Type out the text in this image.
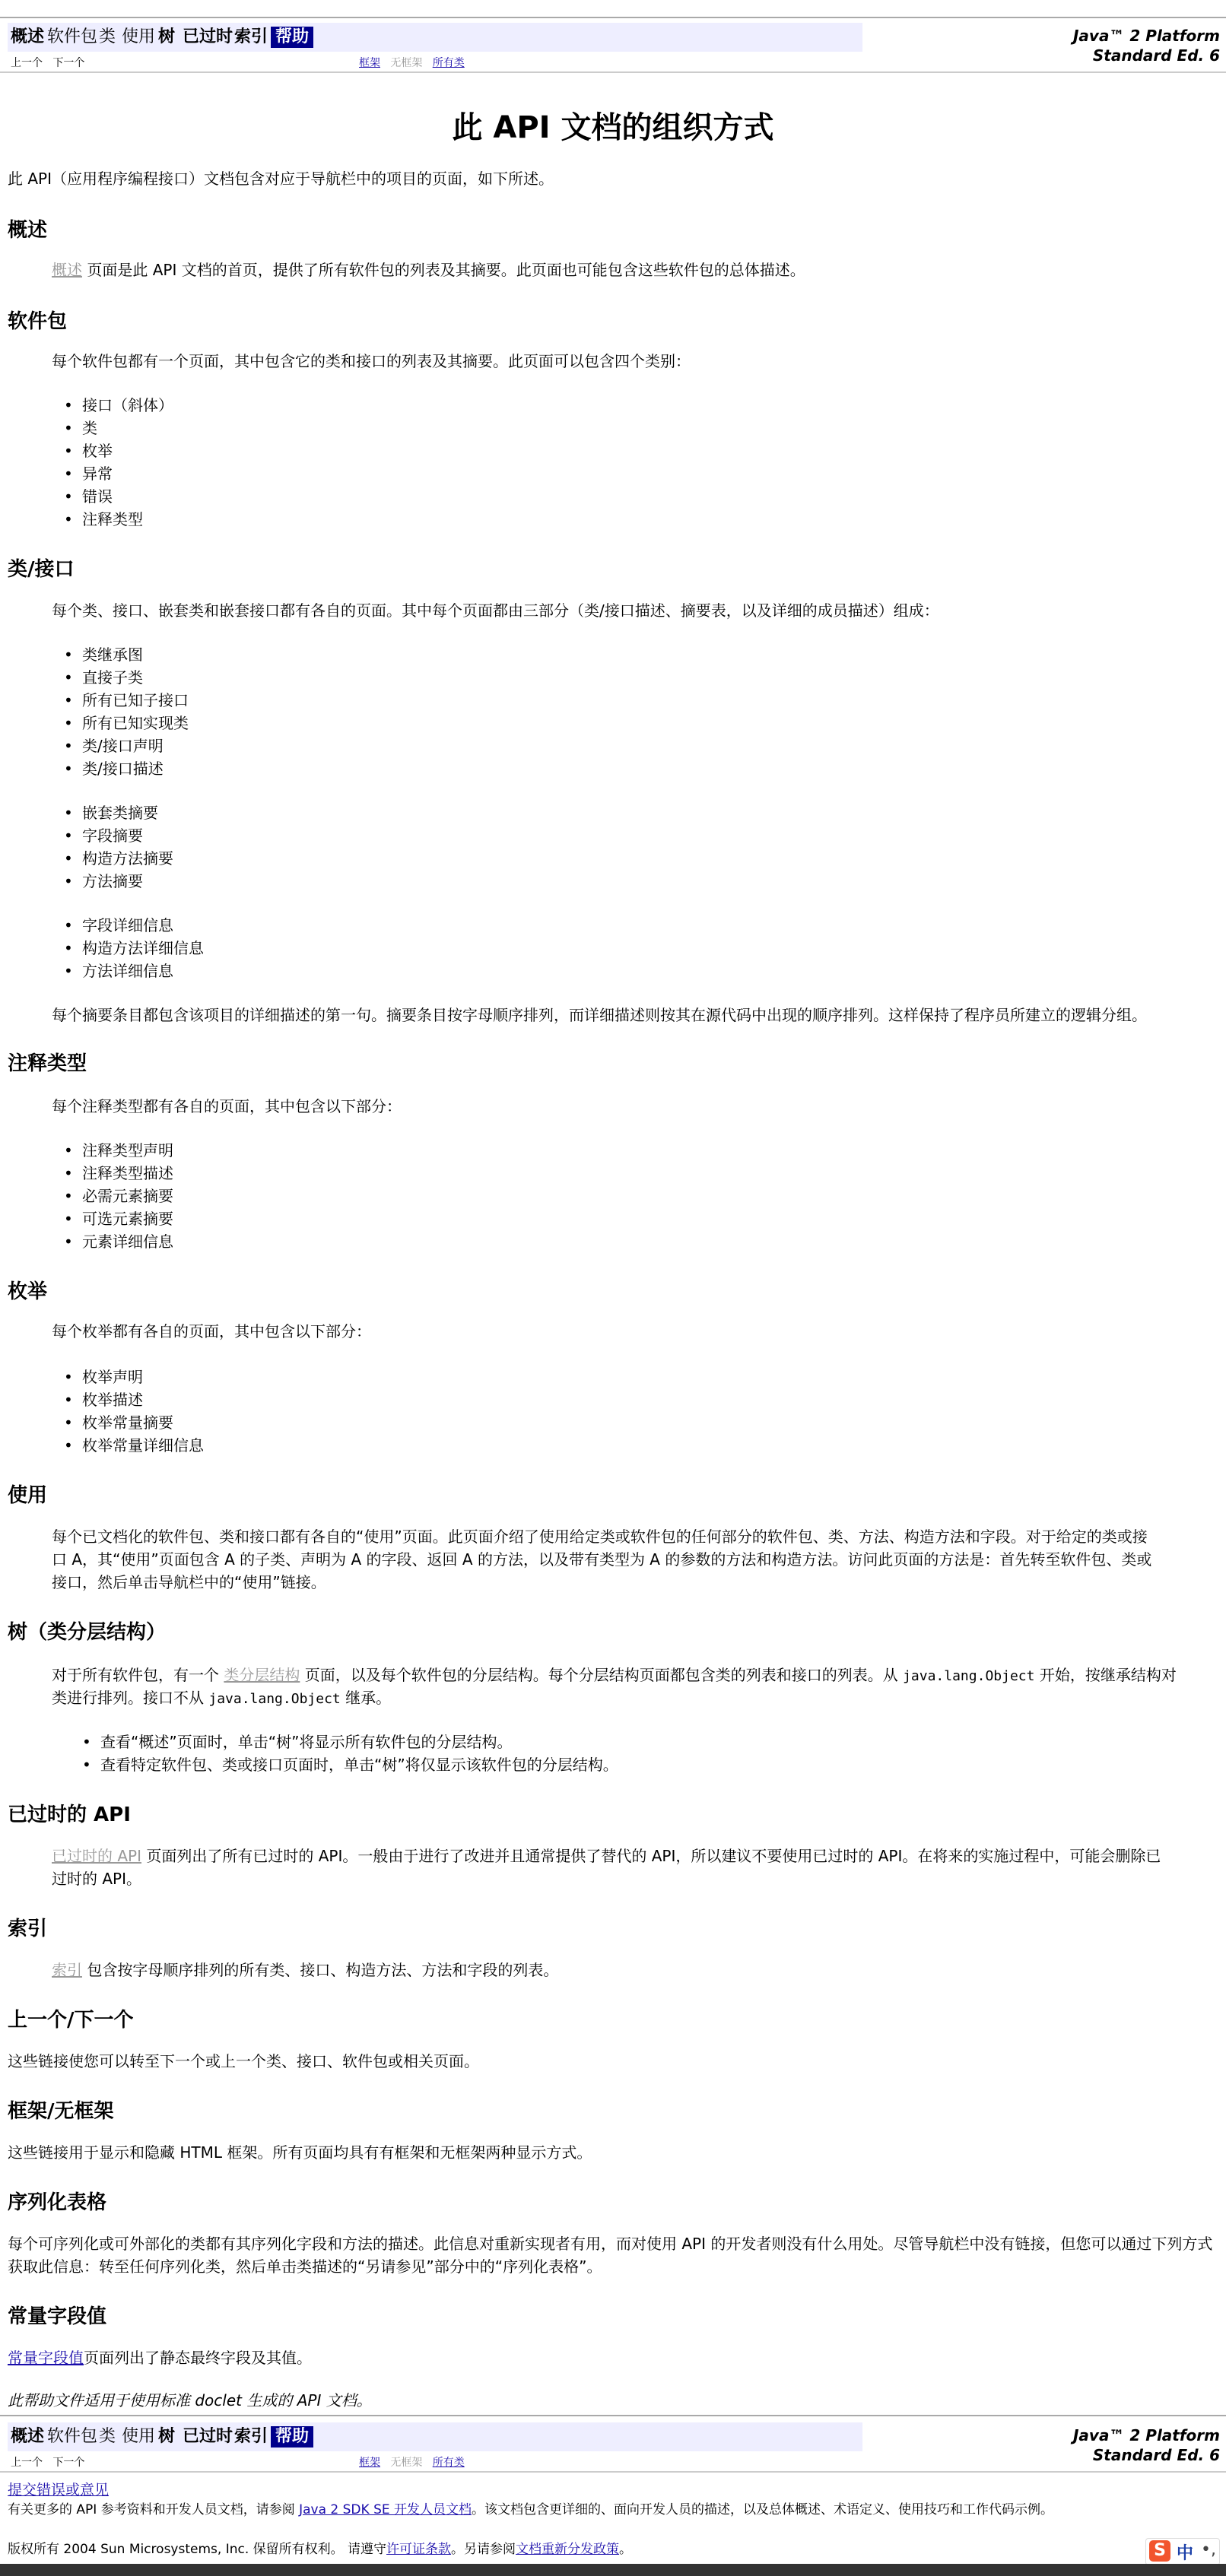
概述 软件包 类 使用 树 已过时 索引 帮助	Java™ 2 Platform
Standard Ed. 6
上一个 下一个	框架 无框架 所有类
此 API 文档的组织方式
此 API（应用程序编程接口）文档包含对应于导航栏中的项目的页面，如下所述。
概述
概述 页面是此 API 文档的首页，提供了所有软件包的列表及其摘要。此页面也可能包含这些软件包的总体描述。
软件包
每个软件包都有一个页面，其中包含它的类和接口的列表及其摘要。此页面可以包含四个类别：
• 接口（斜体）
• 类
• 枚举
• 异常
• 错误
• 注释类型
类/接口
每个类、接口、嵌套类和嵌套接口都有各自的页面。其中每个页面都由三部分（类/接口描述、摘要表，以及详细的成员描述）组成：
• 类继承图
• 直接子类
• 所有已知子接口
• 所有已知实现类
• 类/接口声明
• 类/接口描述
• 嵌套类摘要
• 字段摘要
• 构造方法摘要
• 方法摘要
• 字段详细信息
• 构造方法详细信息
• 方法详细信息
每个摘要条目都包含该项目的详细描述的第一句。摘要条目按字母顺序排列，而详细描述则按其在源代码中出现的顺序排列。这样保持了程序员所建立的逻辑分组。
注释类型
每个注释类型都有各自的页面，其中包含以下部分：
• 注释类型声明
• 注释类型描述
• 必需元素摘要
• 可选元素摘要
• 元素详细信息
枚举
每个枚举都有各自的页面，其中包含以下部分：
• 枚举声明
• 枚举描述
• 枚举常量摘要
• 枚举常量详细信息
使用
每个已文档化的软件包、类和接口都有各自的“使用”页面。此页面介绍了使用给定类或软件包的任何部分的软件包、类、方法、构造方法和字段。对于给定的类或接
口 A，其“使用”页面包含 A 的子类、声明为 A 的字段、返回 A 的方法，以及带有类型为 A 的参数的方法和构造方法。访问此页面的方法是：首先转至软件包、类或
接口，然后单击导航栏中的“使用”链接。
树（类分层结构）
对于所有软件包，有一个 类分层结构 页面，以及每个软件包的分层结构。每个分层结构页面都包含类的列表和接口的列表。从 java.lang.Object 开始，按继承结构对
类进行排列。接口不从 java.lang.Object 继承。
• 查看“概述”页面时，单击“树”将显示所有软件包的分层结构。
• 查看特定软件包、类或接口页面时，单击“树”将仅显示该软件包的分层结构。
已过时的 API
已过时的 API 页面列出了所有已过时的 API。一般由于进行了改进并且通常提供了替代的 API，所以建议不要使用已过时的 API。在将来的实施过程中，可能会删除已
过时的 API。
索引
索引 包含按字母顺序排列的所有类、接口、构造方法、方法和字段的列表。
上一个/下一个
这些链接使您可以转至下一个或上一个类、接口、软件包或相关页面。
框架/无框架
这些链接用于显示和隐藏 HTML 框架。所有页面均具有有框架和无框架两种显示方式。
序列化表格
每个可序列化或可外部化的类都有其序列化字段和方法的描述。此信息对重新实现者有用，而对使用 API 的开发者则没有什么用处。尽管导航栏中没有链接，但您可以通过下列方式
获取此信息：转至任何序列化类，然后单击类描述的“另请参见”部分中的“序列化表格”。
常量字段值
常量字段值页面列出了静态最终字段及其值。
此帮助文件适用于使用标准 doclet 生成的 API 文档。
概述 软件包 类 使用 树 已过时 索引 帮助	Java™ 2 Platform
Standard Ed. 6
上一个 下一个	框架 无框架 所有类
提交错误或意见
有关更多的 API 参考资料和开发人员文档，请参阅 Java 2 SDK SE 开发人员文档。该文档包含更详细的、面向开发人员的描述，以及总体概述、术语定义、使用技巧和工作代码示例。
版权所有 2004 Sun Microsystems, Inc. 保留所有权利。 请遵守许可证条款。另请参阅文档重新分发政策。	S 中 •,
